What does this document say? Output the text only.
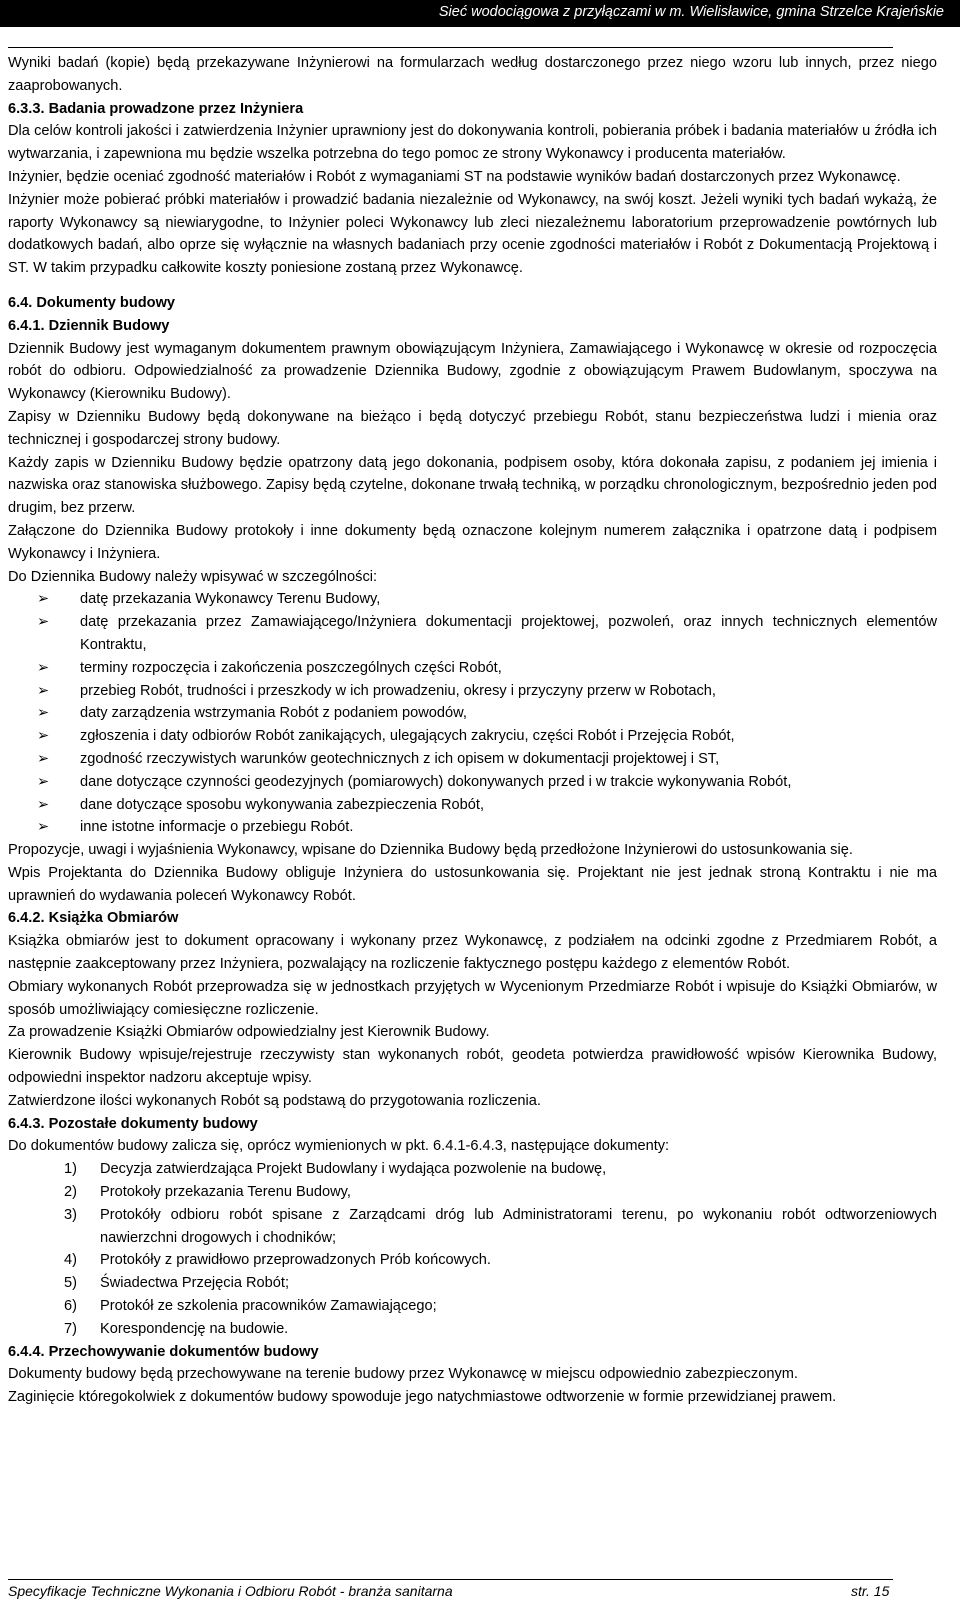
Sieć wodociągowa z przyłączami w m. Wielisławice, gmina Strzelce Krajeńskie

Wyniki badań (kopie) będą przekazywane Inżynierowi na formularzach według dostarczonego przez niego wzoru lub innych, przez niego zaaprobowanych.

6.3.3. Badania prowadzone przez Inżyniera

Dla celów kontroli jakości i zatwierdzenia Inżynier uprawniony jest do dokonywania kontroli, pobierania próbek i badania materiałów u źródła ich wytwarzania, i zapewniona mu będzie wszelka potrzebna do tego pomoc ze strony Wykonawcy i producenta materiałów.

Inżynier, będzie oceniać zgodność materiałów i Robót z wymaganiami ST na podstawie wyników badań dostarczonych przez Wykonawcę.

Inżynier może pobierać próbki materiałów i prowadzić badania niezależnie od Wykonawcy, na swój koszt. Jeżeli wyniki tych badań wykażą, że raporty Wykonawcy są niewiarygodne, to Inżynier poleci Wykonawcy lub zleci niezależnemu laboratorium przeprowadzenie powtórnych lub dodatkowych badań, albo oprze się wyłącznie na własnych badaniach przy ocenie zgodności materiałów i Robót z Dokumentacją Projektową i ST. W takim przypadku całkowite koszty poniesione zostaną przez Wykonawcę.

6.4. Dokumenty budowy

6.4.1. Dziennik Budowy

Dziennik Budowy jest wymaganym dokumentem prawnym obowiązującym Inżyniera, Zamawiającego i Wykonawcę w okresie od rozpoczęcia robót do odbioru. Odpowiedzialność za prowadzenie Dziennika Budowy, zgodnie z obowiązującym Prawem Budowlanym, spoczywa na Wykonawcy (Kierowniku Budowy).

Zapisy w Dzienniku Budowy będą dokonywane na bieżąco i będą dotyczyć przebiegu Robót, stanu bezpieczeństwa ludzi i mienia oraz technicznej i gospodarczej strony budowy.

Każdy zapis w Dzienniku Budowy będzie opatrzony datą jego dokonania, podpisem osoby, która dokonała zapisu, z podaniem jej imienia i nazwiska oraz stanowiska służbowego. Zapisy będą czytelne, dokonane trwałą techniką, w porządku chronologicznym, bezpośrednio jeden pod drugim, bez przerw.

Załączone do Dziennika Budowy protokoły i inne dokumenty będą oznaczone kolejnym numerem załącznika i opatrzone datą i podpisem Wykonawcy i Inżyniera.

Do Dziennika Budowy należy wpisywać w szczególności:

➢ datę przekazania Wykonawcy Terenu Budowy,
➢ datę przekazania przez Zamawiającego/Inżyniera dokumentacji projektowej, pozwoleń, oraz innych technicznych elementów Kontraktu,
➢ terminy rozpoczęcia i zakończenia poszczególnych części Robót,
➢ przebieg Robót, trudności i przeszkody w ich prowadzeniu, okresy i przyczyny przerw w Robotach,
➢ daty zarządzenia wstrzymania Robót z podaniem powodów,
➢ zgłoszenia i daty odbiorów Robót zanikających, ulegających zakryciu, części Robót i Przejęcia Robót,
➢ zgodność rzeczywistych warunków geotechnicznych z ich opisem w dokumentacji projektowej i ST,
➢ dane dotyczące czynności geodezyjnych (pomiarowych) dokonywanych przed i w trakcie wykonywania Robót,
➢ dane dotyczące sposobu wykonywania zabezpieczenia Robót,
➢ inne istotne informacje o przebiegu Robót.

Propozycje, uwagi i wyjaśnienia Wykonawcy, wpisane do Dziennika Budowy będą przedłożone Inżynierowi do ustosunkowania się.

Wpis Projektanta do Dziennika Budowy obliguje Inżyniera do ustosunkowania się. Projektant nie jest jednak stroną Kontraktu i nie ma uprawnień do wydawania poleceń Wykonawcy Robót.

6.4.2. Książka Obmiarów

Książka obmiarów jest to dokument opracowany i wykonany przez Wykonawcę, z podziałem na odcinki zgodne z Przedmiarem Robót, a następnie zaakceptowany przez Inżyniera, pozwalający na rozliczenie faktycznego postępu każdego z elementów Robót.

Obmiary wykonanych Robót przeprowadza się w jednostkach przyjętych w Wycenionym Przedmiarze Robót i wpisuje do Książki Obmiarów, w sposób umożliwiający comiesięczne rozliczenie.

Za prowadzenie Książki Obmiarów odpowiedzialny jest Kierownik Budowy.

Kierownik Budowy wpisuje/rejestruje rzeczywisty stan wykonanych robót, geodeta potwierdza prawidłowość wpisów Kierownika Budowy, odpowiedni inspektor nadzoru akceptuje wpisy.

Zatwierdzone ilości wykonanych Robót są podstawą do przygotowania rozliczenia.

6.4.3. Pozostałe dokumenty budowy

Do dokumentów budowy zalicza się, oprócz wymienionych w pkt. 6.4.1-6.4.3, następujące dokumenty:

1) Decyzja zatwierdzająca Projekt Budowlany i wydająca pozwolenie na budowę,
2) Protokoły przekazania Terenu Budowy,
3) Protokóły odbioru robót spisane z Zarządcami dróg lub Administratorami terenu, po wykonaniu robót odtworzeniowych nawierzchni drogowych i chodników;
4) Protokóły z prawidłowo przeprowadzonych Prób końcowych.
5) Świadectwa Przejęcia Robót;
6) Protokół ze szkolenia pracowników Zamawiającego;
7) Korespondencję na budowie.

6.4.4. Przechowywanie dokumentów budowy

Dokumenty budowy będą przechowywane na terenie budowy przez Wykonawcę w miejscu odpowiednio zabezpieczonym.

Zaginięcie któregokolwiek z dokumentów budowy spowoduje jego natychmiastowe odtworzenie w formie przewidzianej prawem.

Specyfikacje Techniczne Wykonania i Odbioru Robót - branża sanitarna	str. 15
